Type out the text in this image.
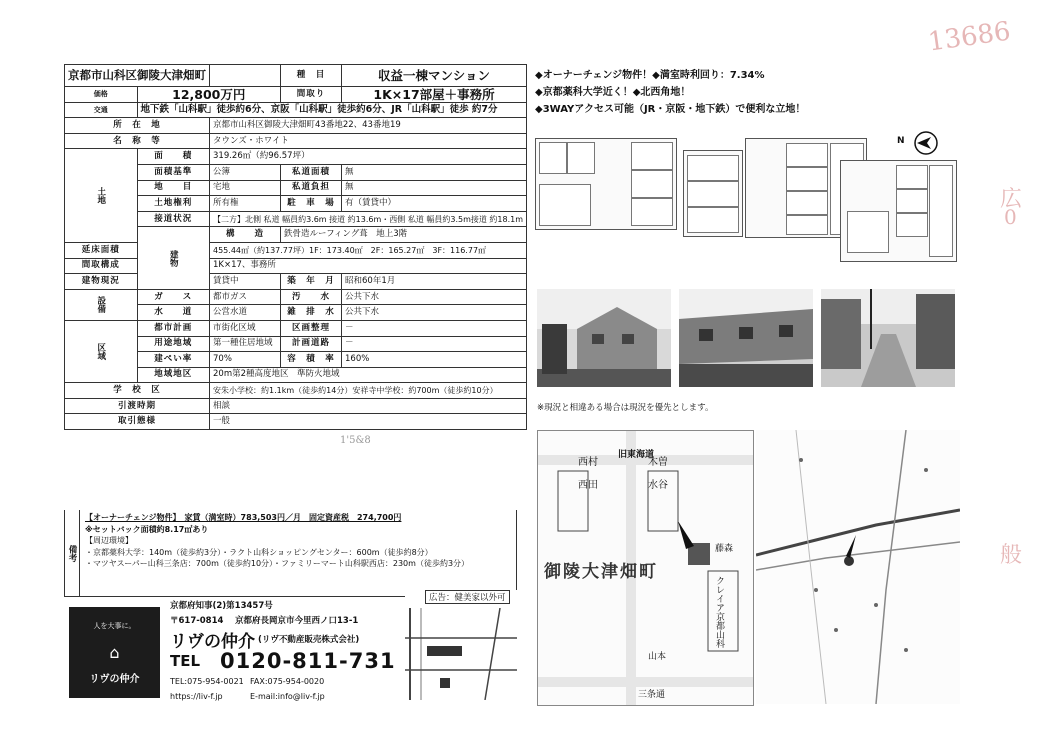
13686
広
0
般
京都市山科区御陵大津畑町			種　目	収益一棟マンション
価格	12,800万円		間取り	1K×17部屋＋事務所
交通	地下鉄「山科駅」徒歩約6分、京阪「山科駅」徒歩約6分、JR「山科駅」徒歩 約7分			
所　在　地		京都市山科区御陵大津畑町43番地22、43番地19		
名　称　等		タウンズ・ホワイト		
土地	面　　積	319.26㎡（約96.57坪）		
	面積基準	公簿	私道面積	無
	地　　目	宅地	私道負担	無
	土地権利	所有権	駐　車　場	有（賃貸中）
	接道状況	【二方】北側 私道 幅員約3.6m 接道 約13.6m・西側 私道 幅員約3.5m接道 約18.1m		
	建物	構　　造	鉄骨造ルーフィング葺　地上3階	
延床面積		455.44㎡（約137.77坪）1F：173.40㎡　2F：165.27㎡　3F：116.77㎡		
間取構成		1K×17、事務所		
建物現況		賃貸中	築　年　月	昭和60年1月
設備	ガ　　ス	都市ガス	汚　　水	公共下水
	水　　道	公営水道	雑　排　水	公共下水
区域	都市計画	市街化区域	区画整理	－
	用途地域	第一種住居地域	計画道路	－
	建ぺい率	70%	容　積　率	160%
	地域地区	20m第2種高度地区　準防火地域		
学　校　区		安朱小学校：約1.1km（徒歩約14分）安祥寺中学校：約700m（徒歩約10分）		
引渡時期		相談		
取引態様		一般		
1'5&8
備考
【オーナーチェンジ物件】　家賃（満室時）783,503円／月　固定資産税　274,700円
※セットバック面積約8.17㎡あり
【周辺環境】
・京都薬科大学：140m（徒歩約3分）・ラクト山科ショッピングセンター：600m（徒歩約8分）
・マツヤスーパー山科三条店：700m（徒歩約10分）・ファミリーマート山科駅西店：230m（徒歩約3分）
人を大事に。
⌂
リヴの仲介
京都府知事(2)第13457号
〒617-0814 京都府長岡京市今里西ノ口13-1
リヴの仲介 (リヴ不動産販売株式会社)
TEL 0120-811-731
TEL:075-954-0021 FAX:075-954-0020
https://liv-f.jp	E-mail:info@liv-f.jp
広告：健美家以外可
◆オーナーチェンジ物件！◆満室時利回り：7.34%
◆京都薬科大学近く！◆北西角地！
◆3WAYアクセス可能（JR・京阪・地下鉄）で便利な立地！
N
※現況と相違ある場合は現況を優先とします。
旧東海道
西村
西田
木曽
水谷
御陵大津畑町
藤森
クレイア京都山科
山本
三条通
